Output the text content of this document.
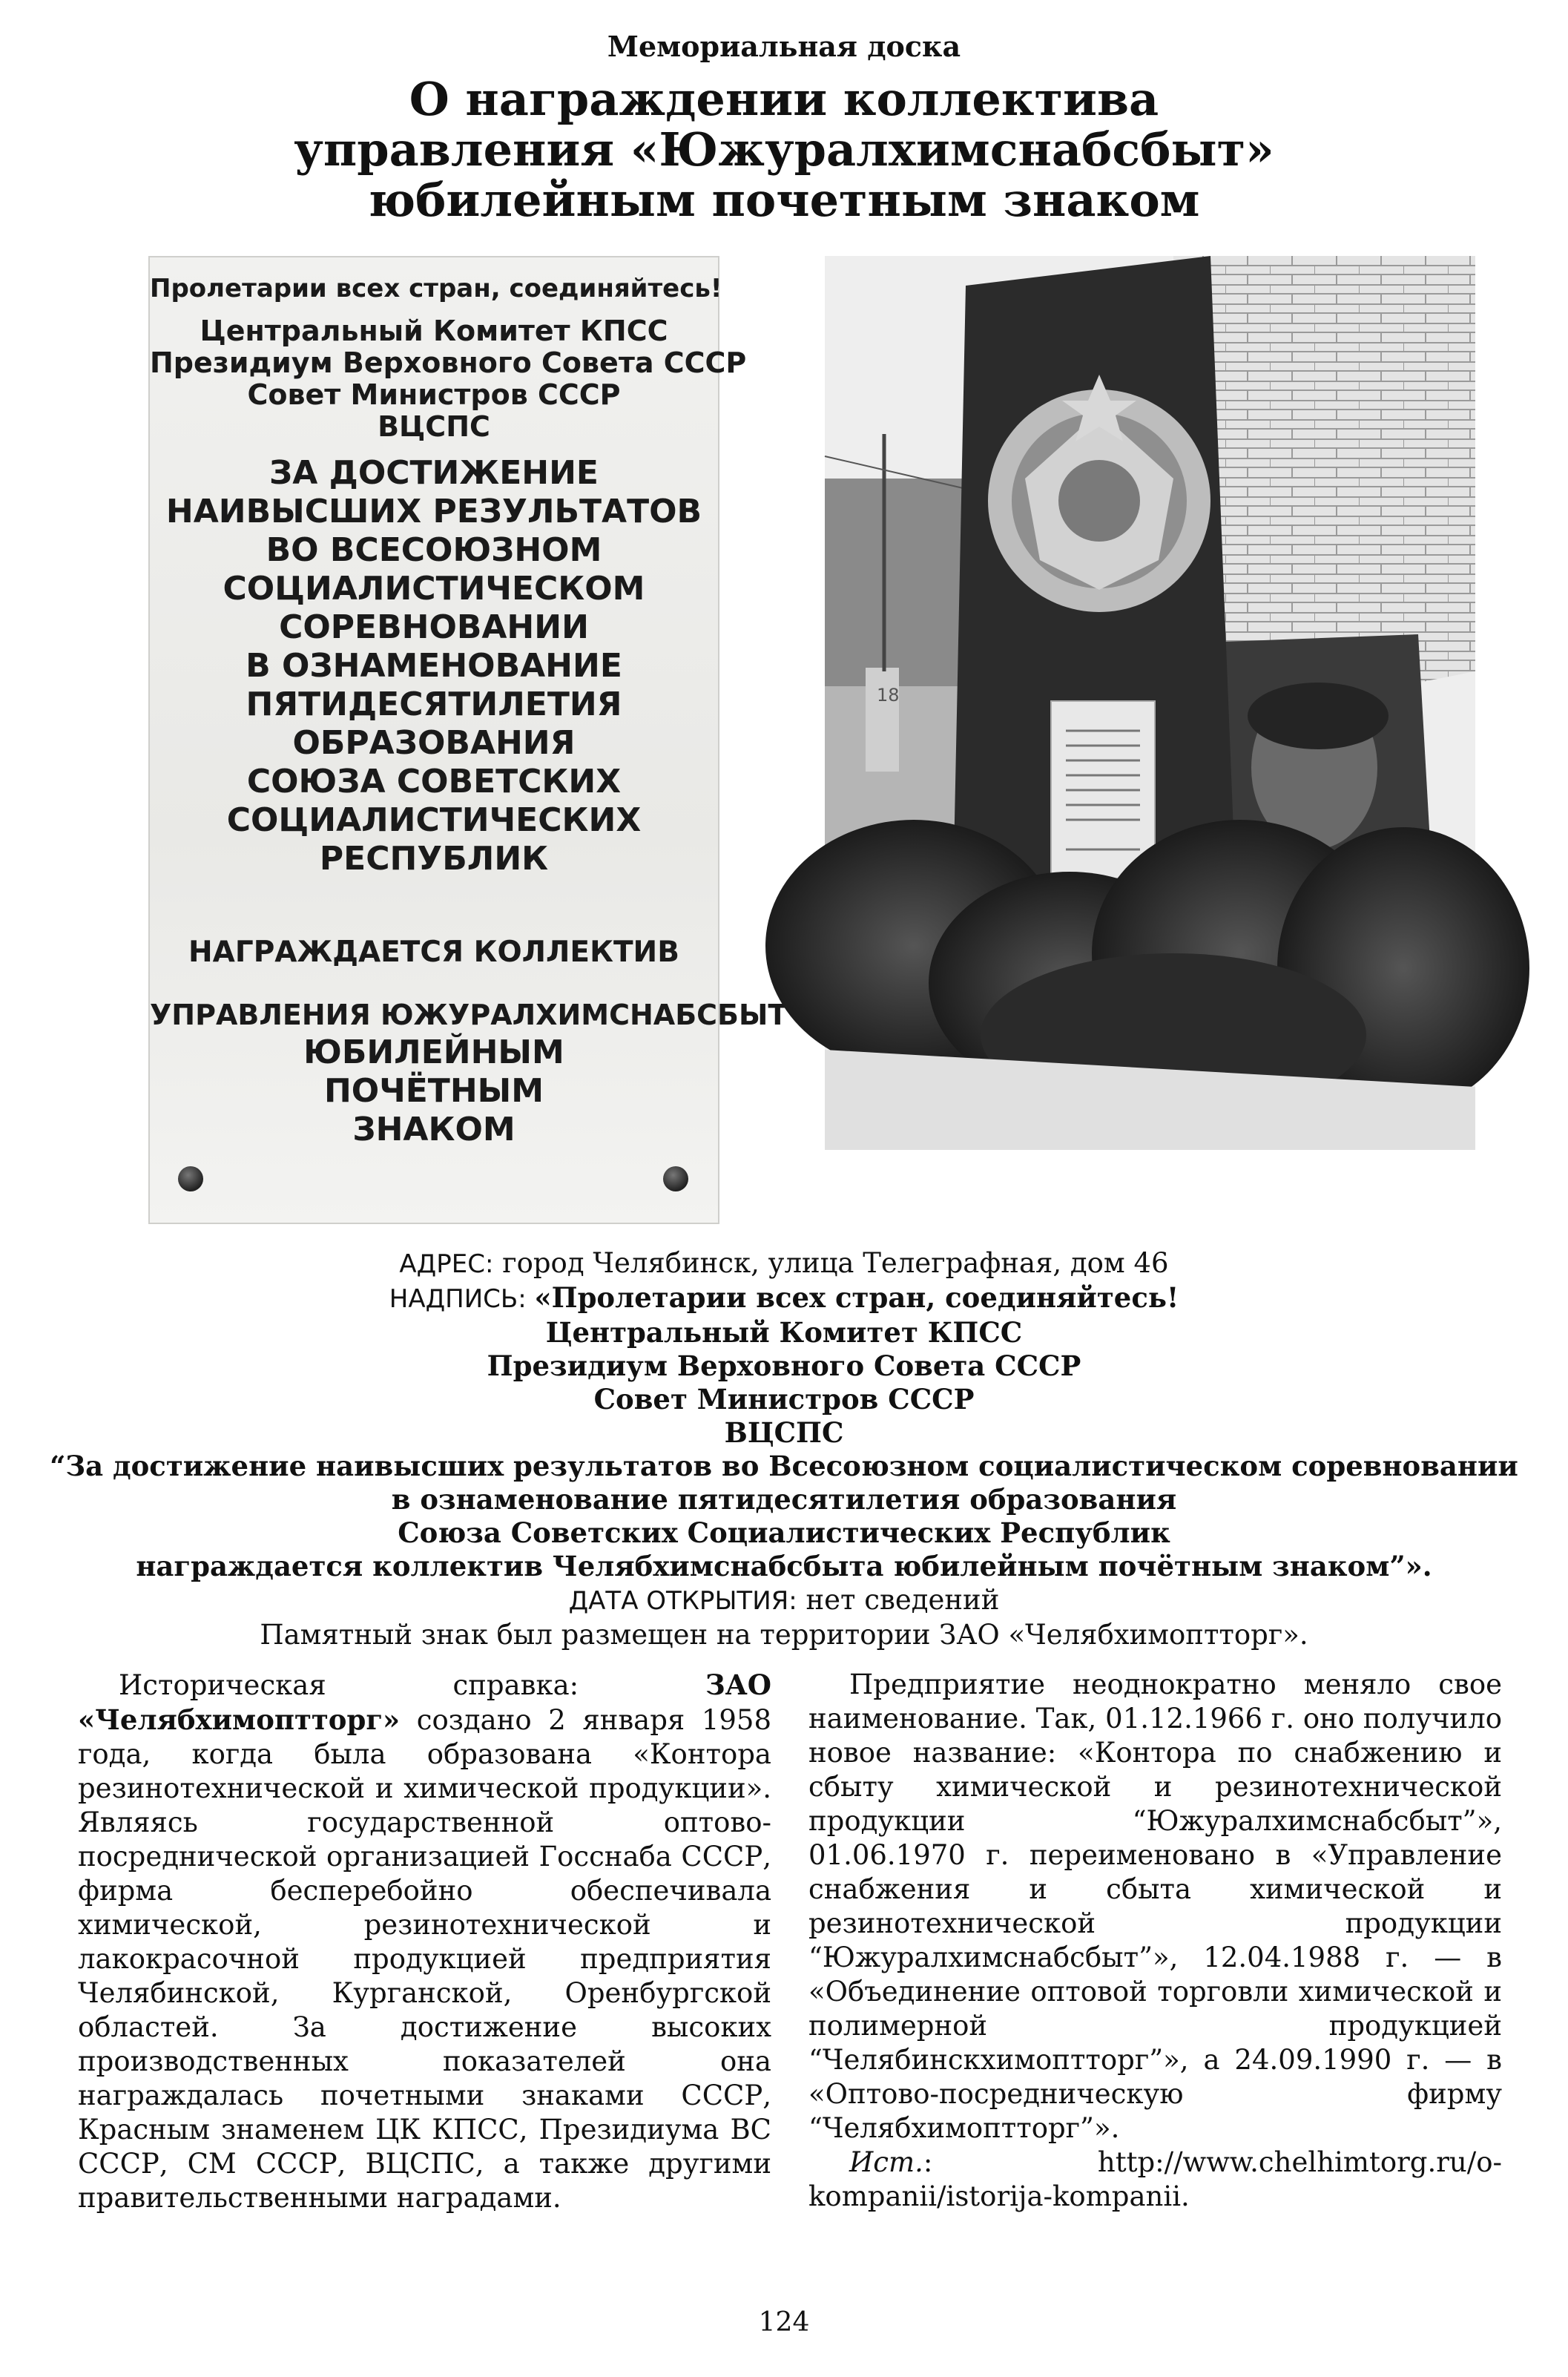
Мемориальная доска
О награждении коллектива
управления «Южуралхимснабсбыт»
юбилейным почетным знаком
Пролетарии всех стран, соединяйтесь!
Центральный Комитет КПСС
Президиум Верховного Совета СССР
Совет Министров СССР
ВЦСПС
ЗА ДОСТИЖЕНИЕ
НАИВЫСШИХ РЕЗУЛЬТАТОВ
ВО ВСЕСОЮЗНОМ
СОЦИАЛИСТИЧЕСКОМ
СОРЕВНОВАНИИ
В ОЗНАМЕНОВАНИЕ
ПЯТИДЕСЯТИЛЕТИЯ
ОБРАЗОВАНИЯ
СОЮЗА СОВЕТСКИХ
СОЦИАЛИСТИЧЕСКИХ
РЕСПУБЛИК
НАГРАЖДАЕТСЯ КОЛЛЕКТИВ
УПРАВЛЕНИЯ ЮЖУРАЛХИМСНАБСБЫТ
ЮБИЛЕЙНЫМ
ПОЧЁТНЫМ
ЗНАКОМ
18
АДРЕС: город Челябинск, улица Телеграфная, дом 46
НАДПИСЬ: «Пролетарии всех стран, соединяйтесь!
Центральный Комитет КПСС
Президиум Верховного Совета СССР
Совет Министров СССР
ВЦСПС
“За достижение наивысших результатов во Всесоюзном социалистическом соревновании
в ознаменование пятидесятилетия образования
Союза Советских Социалистических Республик
награждается коллектив Челябхимснабсбыта юбилейным почётным знаком”».
ДАТА ОТКРЫТИЯ: нет сведений
Памятный знак был размещен на территории ЗАО «Челябхимоптторг».

Историческая справка: ЗАО «Челябхимоптторг» создано 2 января 1958 года, когда была образована «Контора резинотехнической и химической продукции». Являясь государственной оптово-посреднической организацией Госснаба СССР, фирма бесперебойно обеспечивала химической, резинотехнической и лакокрасочной продукцией предприятия Челябинской, Курганской, Оренбургской областей. За достижение высоких производственных показателей она награждалась почетными знаками СССР, Красным знаменем ЦК КПСС, Президиума ВС СССР, СМ СССР, ВЦСПС, а также другими правительственными наградами.

Предприятие неоднократно меняло свое наименование. Так, 01.12.1966 г. оно получило новое название: «Контора по снабжению и сбыту химической и резинотехнической продукции “Южуралхимснабсбыт”», 01.06.1970 г. переименовано в «Управление снабжения и сбыта химической и резинотехнической продукции “Южуралхимснабсбыт”», 12.04.1988 г. — в «Объединение оптовой торговли химической и полимерной продукцией “Челябинскхимоптторг”», а 24.09.1990 г. — в «Оптово-посредническую фирму “Челябхимоптторг”».

Ист.: http://www.chelhimtorg.ru/o-kompanii/istorija-kompanii.

124
